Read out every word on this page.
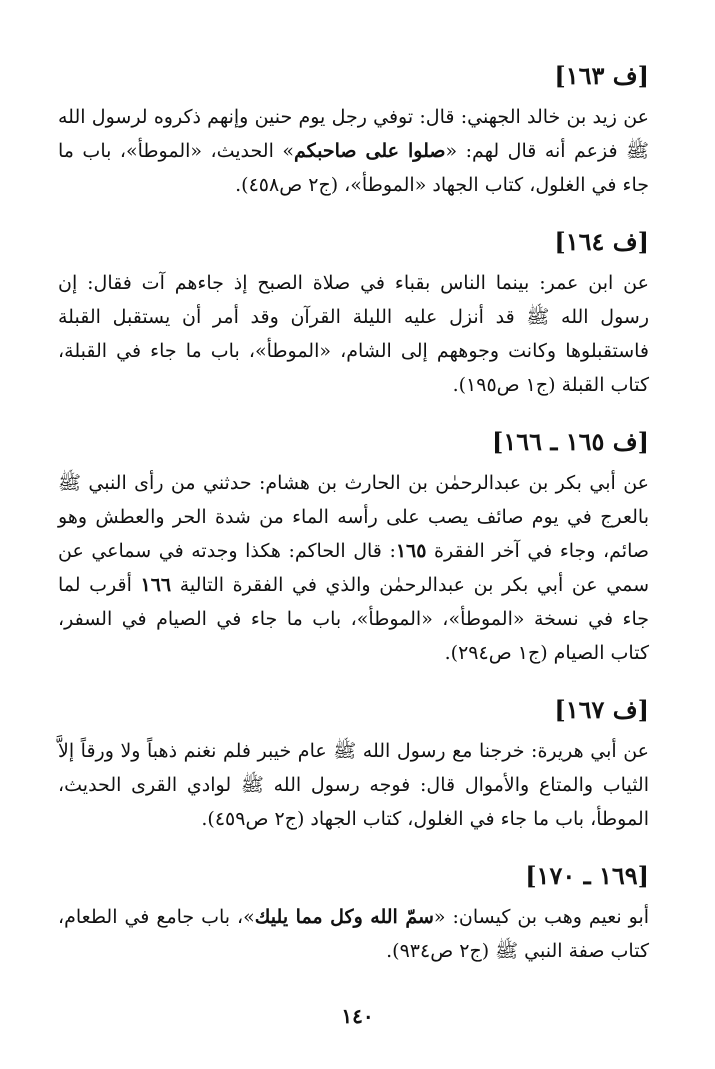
[ف ١٦٣]

عن زيد بن خالد الجهني: قال: توفي رجل يوم حنين وإنهم ذكروه لرسول الله ﷺ فزعم أنه قال لهم: «صلوا على صاحبكم» الحديث، «الموطأ»، باب ما جاء في الغلول، كتاب الجهاد «الموطأ»، (ج٢ ص٤٥٨).

[ف ١٦٤]

عن ابن عمر: بينما الناس بقباء في صلاة الصبح إذ جاءهم آت فقال: إن رسول الله ﷺ قد أنزل عليه الليلة القرآن وقد أمر أن يستقبل القبلة فاستقبلوها وكانت وجوههم إلى الشام، «الموطأ»، باب ما جاء في القبلة، كتاب القبلة (ج١ ص١٩٥).

[ف ١٦٥ ـ ١٦٦]

عن أبي بكر بن عبدالرحمٰن بن الحارث بن هشام: حدثني من رأى النبي ﷺ بالعرج في يوم صائف يصب على رأسه الماء من شدة الحر والعطش وهو صائم، وجاء في آخر الفقرة ١٦٥: قال الحاكم: هكذا وجدته في سماعي عن سمي عن أبي بكر بن عبدالرحمٰن والذي في الفقرة التالية ١٦٦ أقرب لما جاء في نسخة «الموطأ»، «الموطأ»، باب ما جاء في الصيام في السفر، كتاب الصيام (ج١ ص٢٩٤).

[ف ١٦٧]

عن أبي هريرة: خرجنا مع رسول الله ﷺ عام خيبر فلم نغنم ذهباً ولا ورقاً إلاَّ الثياب والمتاع والأموال قال: فوجه رسول الله ﷺ لوادي القرى الحديث، الموطأ، باب ما جاء في الغلول، كتاب الجهاد (ج٢ ص٤٥٩).

[١٦٩ ـ ١٧٠]

أبو نعيم وهب بن كيسان: «سمّ الله وكل مما يليك»، باب جامع في الطعام، كتاب صفة النبي ﷺ (ج٢ ص٩٣٤).

١٤٠
